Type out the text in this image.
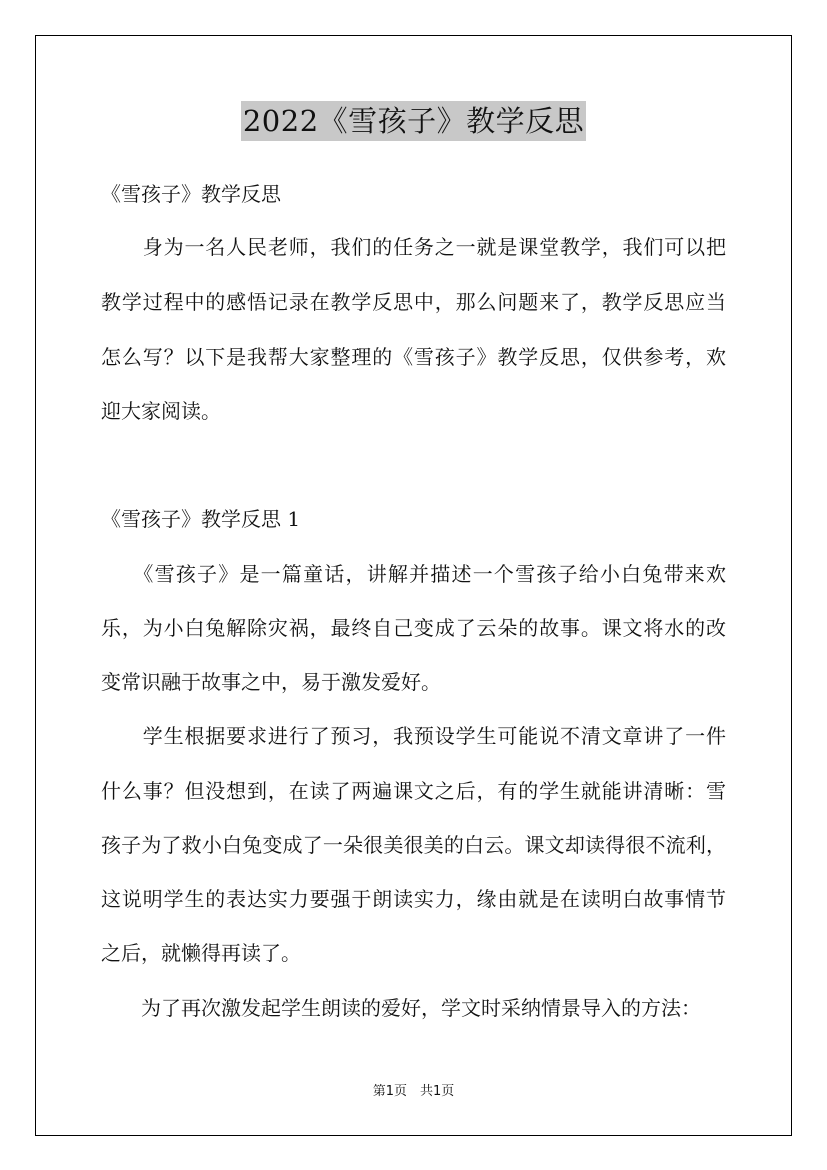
2022《雪孩子》教学反思
《雪孩子》教学反思
　　身为一名人民老师，我们的任务之一就是课堂教学，我们可以把
教学过程中的感悟记录在教学反思中，那么问题来了，教学反思应当
怎么写？以下是我帮大家整理的《雪孩子》教学反思，仅供参考，欢
迎大家阅读。
《雪孩子》教学反思 1
　　《雪孩子》是一篇童话，讲解并描述一个雪孩子给小白兔带来欢
乐，为小白兔解除灾祸，最终自己变成了云朵的故事。课文将水的改
变常识融于故事之中，易于激发爱好。
　　学生根据要求进行了预习，我预设学生可能说不清文章讲了一件
什么事？但没想到，在读了两遍课文之后，有的学生就能讲清晰：雪
孩子为了救小白兔变成了一朵很美很美的白云。课文却读得很不流利，
这说明学生的表达实力要强于朗读实力，缘由就是在读明白故事情节
之后，就懒得再读了。
　　为了再次激发起学生朗读的爱好，学文时采纳情景导入的方法：
第1页　共1页
